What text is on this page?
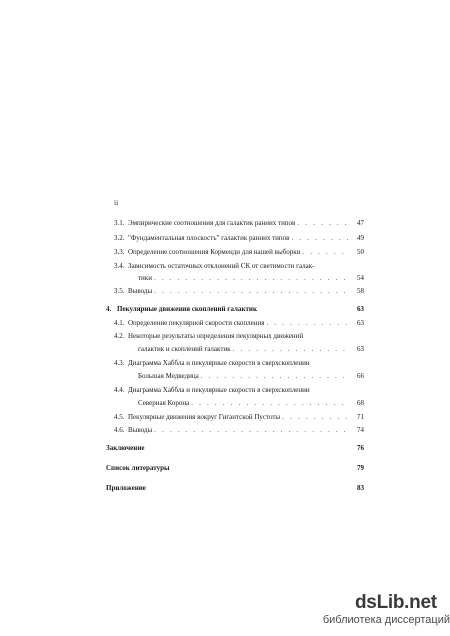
ii
3.1. Эмпирические соотношения для галактик ранних типов . . .	47
3.2. "Фундаментальная плоскость" галактик ранних типов . . .	49
3.3. Определение соотношения Корменди для нашей выборки . . .	50
3.4. Зависимость остаточных отклонений СК от светимости галак-
тики . . .	54
3.5. Выводы . . .	58
4. Пекулярные движения скоплений галактик	63
4.1. Определение пекулярной скорости скопления . . .	63
4.2. Некоторые результаты определения пекулярных движений
галактик и скоплений галактик . . .	63
4.3. Диаграмма Хаббла и пекулярные скорости в сверхскоплении
Большая Медведица . . .	66
4.4. Диаграмма Хаббла и пекулярные скорости в сверхскоплении
Северная Корона . . .	68
4.5. Пекулярные движения вокруг Гигантской Пустоты . . .	71
4.6. Выводы . . .	74
Заключение	76
Список литературы	79
Приложение	83
dsLib.net
библиотека диссертаций
